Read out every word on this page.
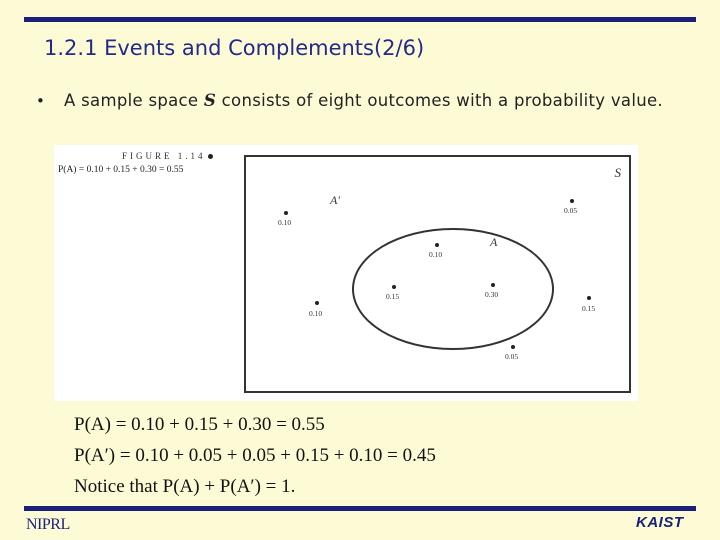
1.2.1 Events and Complements(2/6)
• A sample space S consists of eight outcomes with a probability value.
FIGURE 1.14
P(A) = 0.10 + 0.15 + 0.30 = 0.55	S
A′
A
0.10
0.05
0.10
0.15	0.30
0.10
0.15
0.05
P(A) = 0.10 + 0.15 + 0.30 = 0.55
P(A′) = 0.10 + 0.05 + 0.05 + 0.15 + 0.10 = 0.45
Notice that P(A) + P(A′) = 1.
NIPRL	KAIST
